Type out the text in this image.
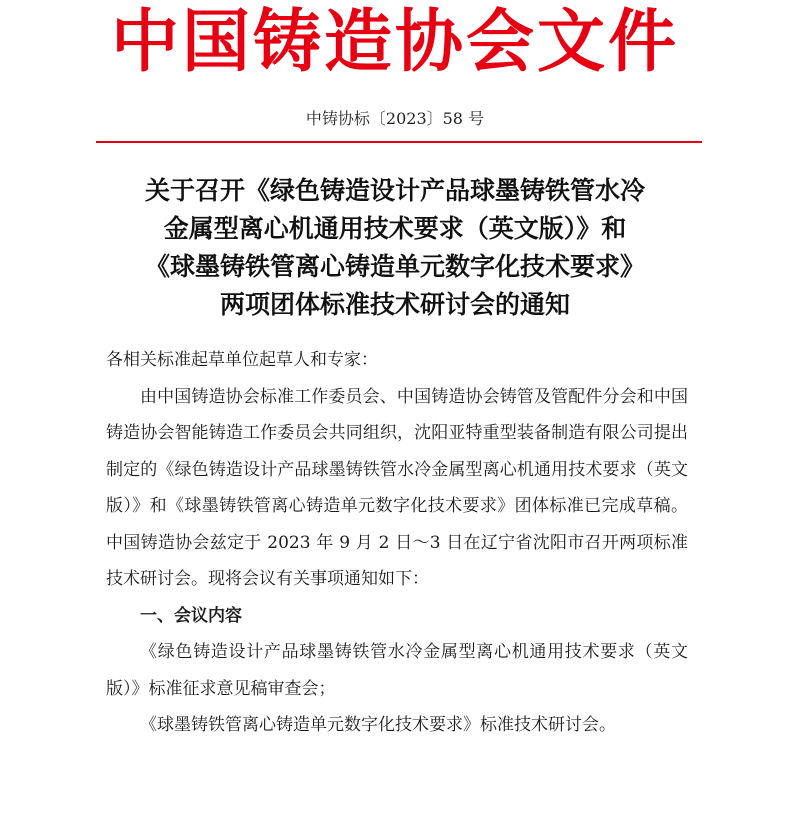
中国铸造协会文件
中铸协标〔2023〕58 号
关于召开《绿色铸造设计产品球墨铸铁管水冷
金属型离心机通用技术要求（英文版）》和
《球墨铸铁管离心铸造单元数字化技术要求》
两项团体标准技术研讨会的通知

各相关标准起草单位起草人和专家：

由中国铸造协会标准工作委员会、中国铸造协会铸管及管配件分会和中国铸造协会智能铸造工作委员会共同组织，沈阳亚特重型装备制造有限公司提出制定的《绿色铸造设计产品球墨铸铁管水冷金属型离心机通用技术要求（英文版）》和《球墨铸铁管离心铸造单元数字化技术要求》团体标准已完成草稿。中国铸造协会兹定于 2023 年 9 月 2 日～3 日在辽宁省沈阳市召开两项标准技术研讨会。现将会议有关事项通知如下：

一、会议内容

《绿色铸造设计产品球墨铸铁管水冷金属型离心机通用技术要求（英文版）》标准征求意见稿审查会；

《球墨铸铁管离心铸造单元数字化技术要求》标准技术研讨会。
